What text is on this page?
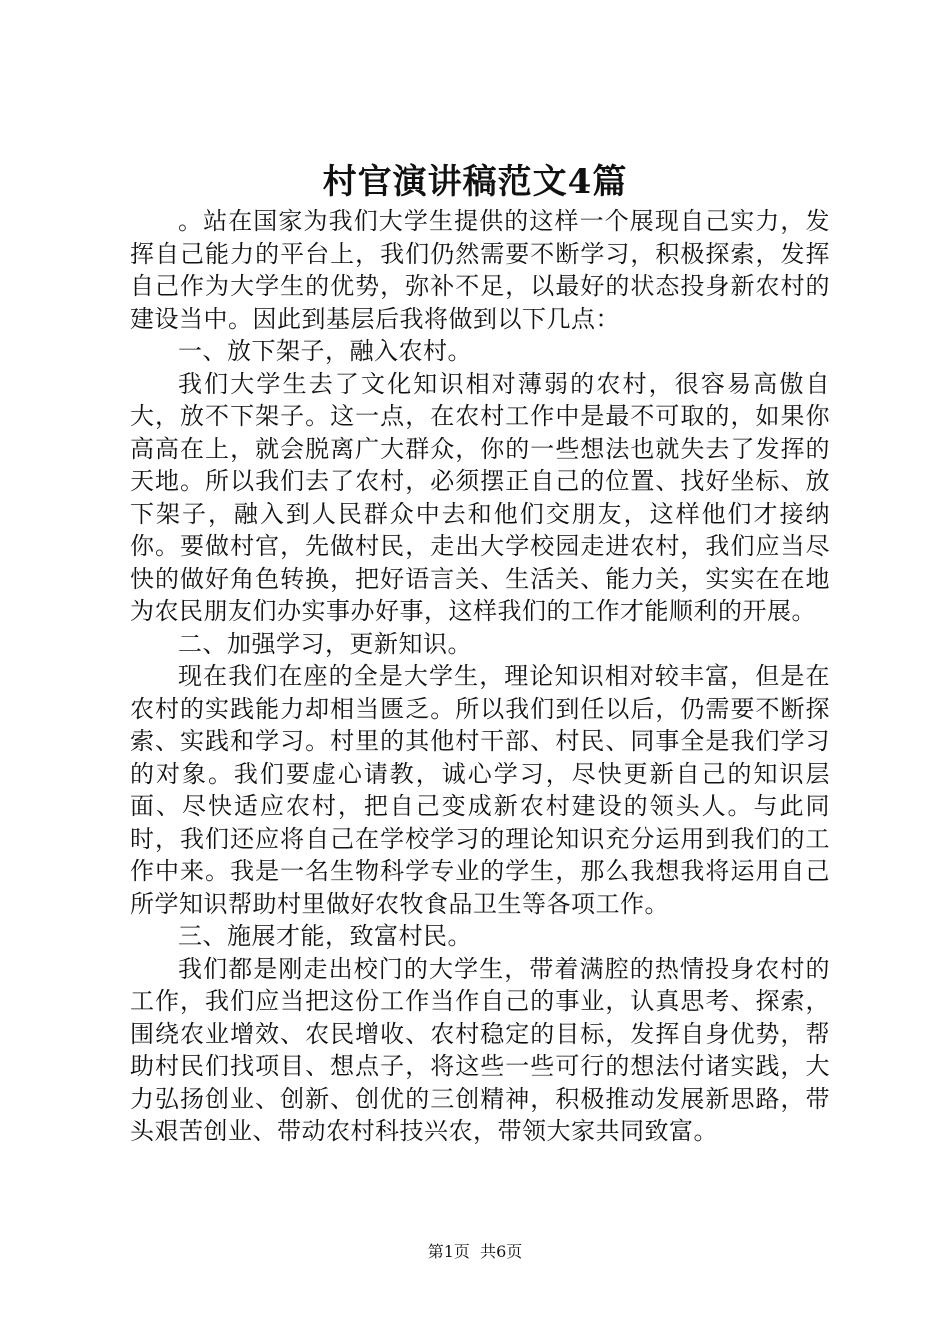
村官演讲稿范文4篇

。站在国家为我们大学生提供的这样一个展现自己实力，发挥自己能力的平台上，我们仍然需要不断学习，积极探索，发挥自己作为大学生的优势，弥补不足，以最好的状态投身新农村的建设当中。因此到基层后我将做到以下几点：

一、放下架子，融入农村。

我们大学生去了文化知识相对薄弱的农村，很容易高傲自大，放不下架子。这一点，在农村工作中是最不可取的，如果你高高在上，就会脱离广大群众，你的一些想法也就失去了发挥的天地。所以我们去了农村，必须摆正自己的位置、找好坐标、放下架子，融入到人民群众中去和他们交朋友，这样他们才接纳你。要做村官，先做村民，走出大学校园走进农村，我们应当尽快的做好角色转换，把好语言关、生活关、能力关，实实在在地为农民朋友们办实事办好事，这样我们的工作才能顺利的开展。

二、加强学习，更新知识。

现在我们在座的全是大学生，理论知识相对较丰富，但是在农村的实践能力却相当匮乏。所以我们到任以后，仍需要不断探索、实践和学习。村里的其他村干部、村民、同事全是我们学习的对象。我们要虚心请教，诚心学习，尽快更新自己的知识层面、尽快适应农村，把自己变成新农村建设的领头人。与此同时，我们还应将自己在学校学习的理论知识充分运用到我们的工作中来。我是一名生物科学专业的学生，那么我想我将运用自己所学知识帮助村里做好农牧食品卫生等各项工作。

三、施展才能，致富村民。

我们都是刚走出校门的大学生，带着满腔的热情投身农村的工作，我们应当把这份工作当作自己的事业，认真思考、探索，围绕农业增效、农民增收、农村稳定的目标，发挥自身优势，帮助村民们找项目、想点子，将这些一些可行的想法付诸实践，大力弘扬创业、创新、创优的三创精神，积极推动发展新思路，带头艰苦创业、带动农村科技兴农，带领大家共同致富。

第1页 共6页
